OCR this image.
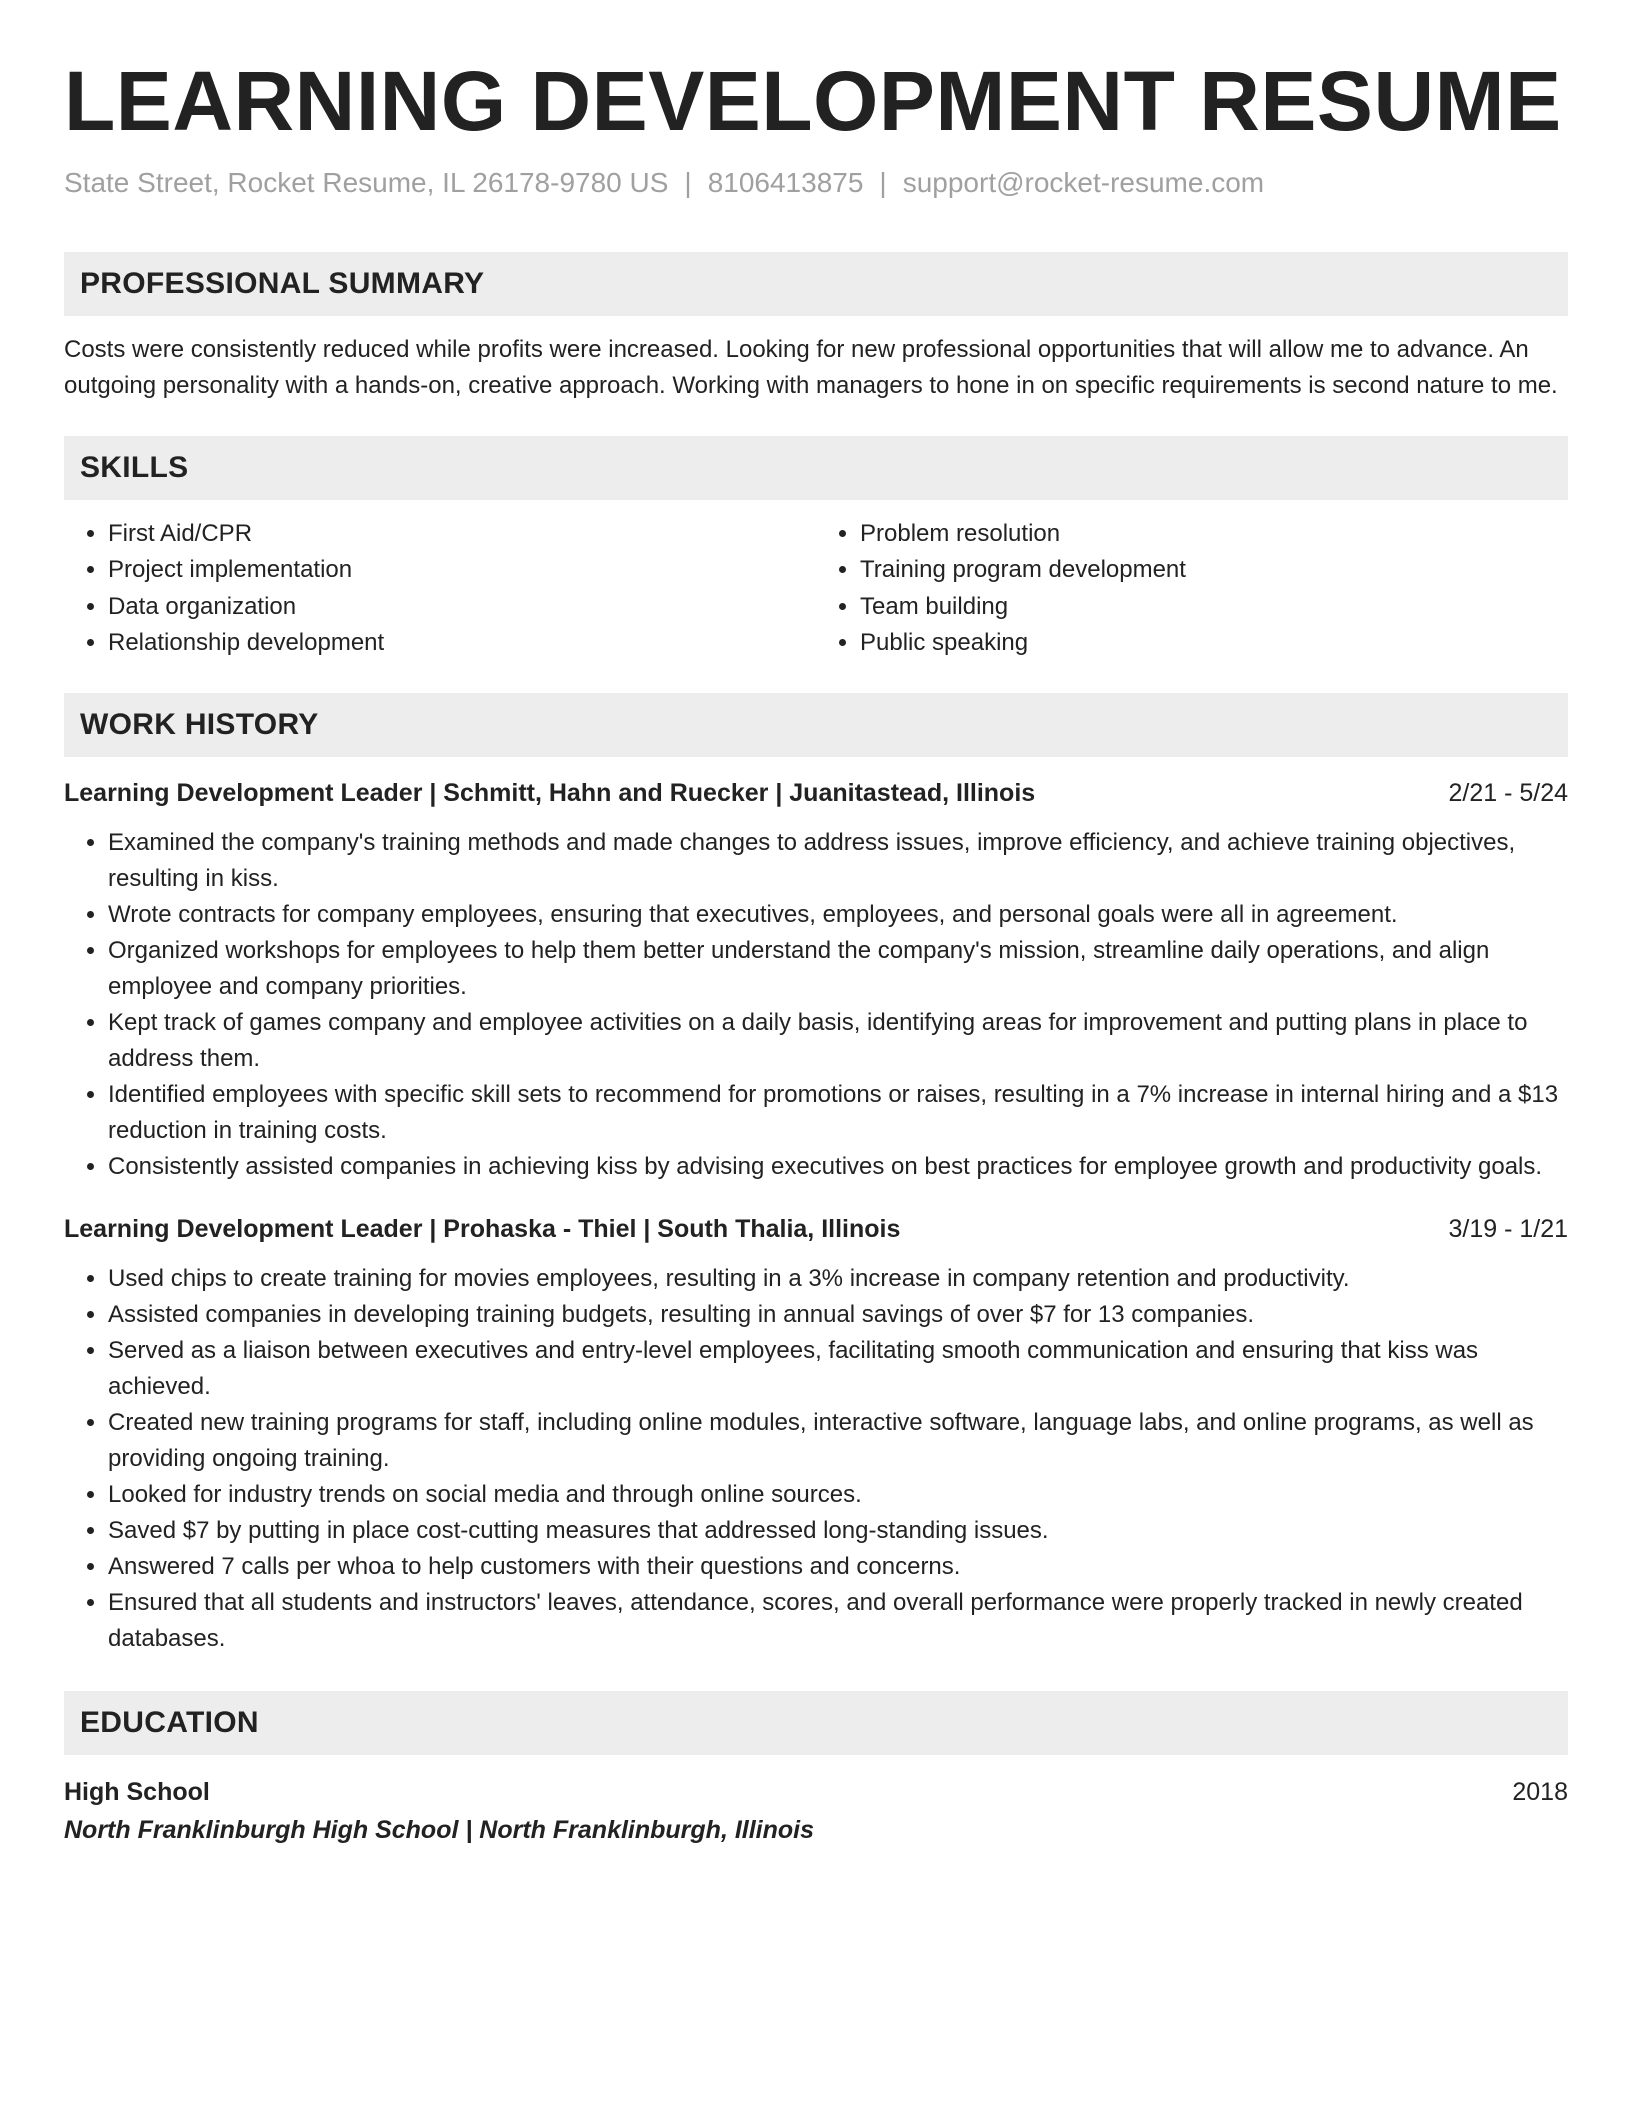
LEARNING DEVELOPMENT RESUME
State Street, Rocket Resume, IL 26178-9780 US | 8106413875 | support@rocket-resume.com
PROFESSIONAL SUMMARY

Costs were consistently reduced while profits were increased. Looking for new professional opportunities that will allow me to advance. An outgoing personality with a hands-on, creative approach. Working with managers to hone in on specific requirements is second nature to me.

SKILLS
• First Aid/CPR
• Project implementation
• Data organization
• Relationship development
• Problem resolution
• Training program development
• Team building
• Public speaking
WORK HISTORY
Learning Development Leader | Schmitt, Hahn and Ruecker | Juanitastead, Illinois	2/21 - 5/24
• Examined the company's training methods and made changes to address issues, improve efficiency, and achieve training objectives, resulting in kiss.
• Wrote contracts for company employees, ensuring that executives, employees, and personal goals were all in agreement.
• Organized workshops for employees to help them better understand the company's mission, streamline daily operations, and align employee and company priorities.
• Kept track of games company and employee activities on a daily basis, identifying areas for improvement and putting plans in place to address them.
• Identified employees with specific skill sets to recommend for promotions or raises, resulting in a 7% increase in internal hiring and a $13 reduction in training costs.
• Consistently assisted companies in achieving kiss by advising executives on best practices for employee growth and productivity goals.
Learning Development Leader | Prohaska - Thiel | South Thalia, Illinois	3/19 - 1/21
• Used chips to create training for movies employees, resulting in a 3% increase in company retention and productivity.
• Assisted companies in developing training budgets, resulting in annual savings of over $7 for 13 companies.
• Served as a liaison between executives and entry-level employees, facilitating smooth communication and ensuring that kiss was achieved.
• Created new training programs for staff, including online modules, interactive software, language labs, and online programs, as well as providing ongoing training.
• Looked for industry trends on social media and through online sources.
• Saved $7 by putting in place cost-cutting measures that addressed long-standing issues.
• Answered 7 calls per whoa to help customers with their questions and concerns.
• Ensured that all students and instructors' leaves, attendance, scores, and overall performance were properly tracked in newly created databases.
EDUCATION
High School	2018
North Franklinburgh High School | North Franklinburgh, Illinois
